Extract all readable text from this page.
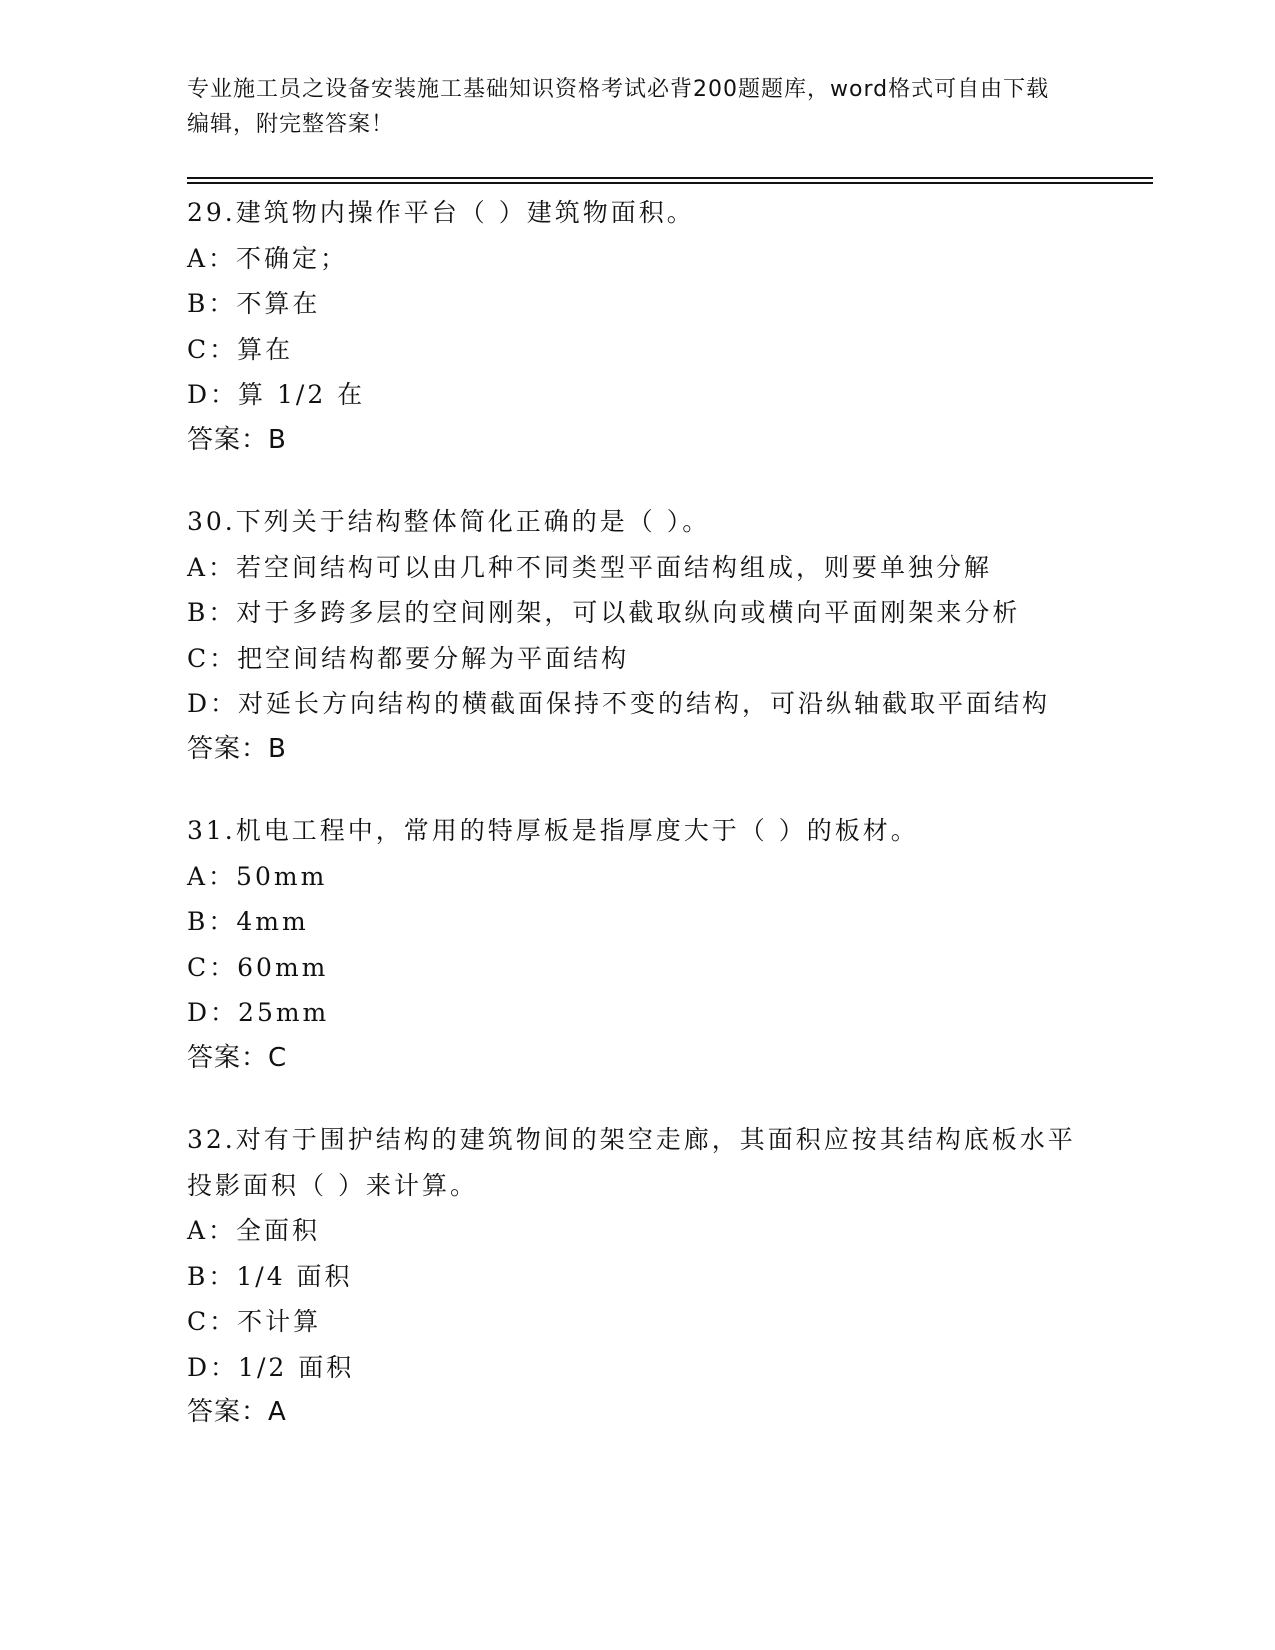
专业施工员之设备安装施工基础知识资格考试必背200题题库，word格式可自由下载编辑，附完整答案！
29.建筑物内操作平台（ ）建筑物面积。
A：不确定；
B：不算在
C：算在
D：算 1/2 在
答案：B
30.下列关于结构整体简化正确的是（ ）。
A：若空间结构可以由几种不同类型平面结构组成，则要单独分解
B：对于多跨多层的空间刚架，可以截取纵向或横向平面刚架来分析
C：把空间结构都要分解为平面结构
D：对延长方向结构的横截面保持不变的结构，可沿纵轴截取平面结构
答案：B
31.机电工程中，常用的特厚板是指厚度大于（ ）的板材。
A：50mm
B：4mm
C：60mm
D：25mm
答案：C
32.对有于围护结构的建筑物间的架空走廊，其面积应按其结构底板水平投影面积（ ）来计算。
A：全面积
B：1/4 面积
C：不计算
D：1/2 面积
答案：A
